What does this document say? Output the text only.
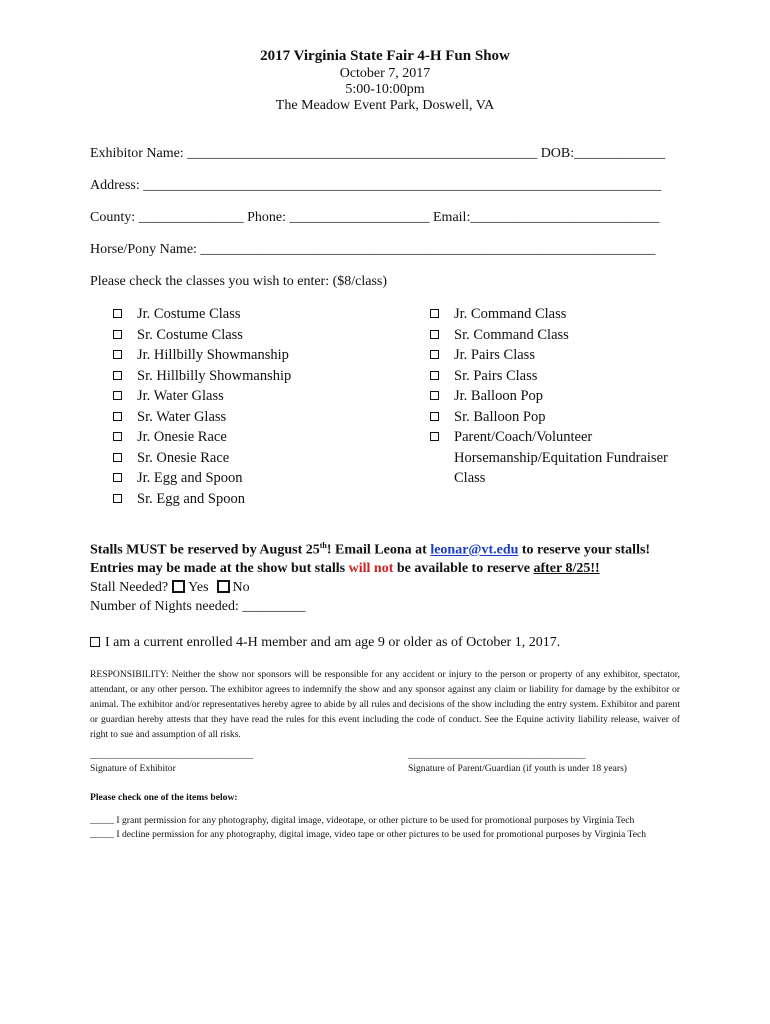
2017 Virginia State Fair 4-H Fun Show
October 7, 2017
5:00-10:00pm
The Meadow Event Park, Doswell, VA
Exhibitor Name: __________________________________________________ DOB:_____________
Address: __________________________________________________________________________
County: _______________ Phone: ____________________ Email:___________________________
Horse/Pony Name: _________________________________________________________________
Please check the classes you wish to enter: ($8/class)
Jr. Costume Class
Sr. Costume Class
Jr. Hillbilly Showmanship
Sr. Hillbilly Showmanship
Jr. Water Glass
Sr. Water Glass
Jr. Onesie Race
Sr. Onesie Race
Jr. Egg and Spoon
Sr. Egg and Spoon
Jr. Command Class
Sr. Command Class
Jr. Pairs Class
Sr. Pairs Class
Jr. Balloon Pop
Sr. Balloon Pop
Parent/Coach/Volunteer
Horsemanship/Equitation Fundraiser
Class
Stalls MUST be reserved by August 25th! Email Leona at leonar@vt.edu to reserve your stalls!
Entries may be made at the show but stalls will not be available to reserve after 8/25!!
Stall Needed? Yes No
Number of Nights needed: _________
I am a current enrolled 4-H member and am age 9 or older as of October 1, 2017.
RESPONSIBILITY: Neither the show nor sponsors will be responsible for any accident or injury to the person or property of any exhibitor, spectator, attendant, or any other person. The exhibitor agrees to indemnify the show and any sponsor against any claim or liability for damage by the exhibitor or animal. The exhibitor and/or representatives hereby agree to abide by all rules and decisions of the show including the entry system. Exhibitor and parent or guardian hereby attests that they have read the rules for this event including the code of conduct. See the Equine activity liability release, waiver of right to sue and assumption of all risks.
__________________________________	_____________________________________
Signature of Exhibitor	Signature of Parent/Guardian (if youth is under 18 years)
Please check one of the items below:
_____ I grant permission for any photography, digital image, videotape, or other picture to be used for promotional purposes by Virginia Tech
_____ I decline permission for any photography, digital image, video tape or other pictures to be used for promotional purposes by Virginia Tech
